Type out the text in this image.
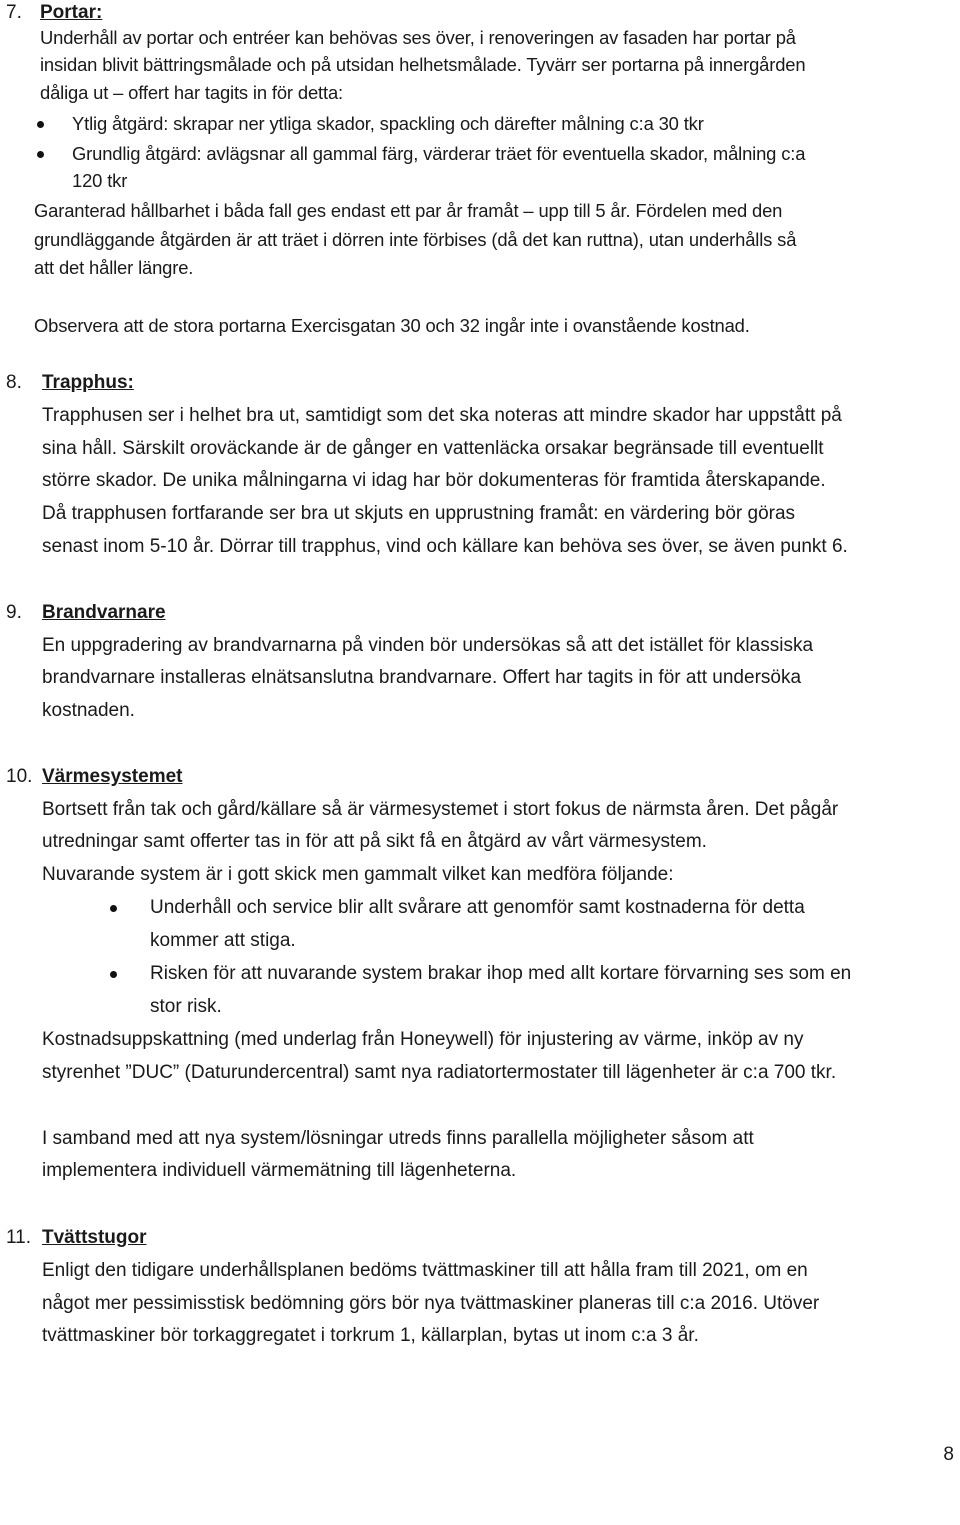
7. Portar:
Underhåll av portar och entréer kan behövas ses över, i renoveringen av fasaden har portar på
insidan blivit bättringsmålade och på utsidan helhetsmålade. Tyvärr ser portarna på innergården
dåliga ut – offert har tagits in för detta:
Ytlig åtgärd: skrapar ner ytliga skador, spackling och därefter målning c:a 30 tkr
Grundlig åtgärd: avlägsnar all gammal färg, värderar träet för eventuella skador, målning c:a
120 tkr
Garanterad hållbarhet i båda fall ges endast ett par år framåt – upp till 5 år. Fördelen med den
grundläggande åtgärden är att träet i dörren inte förbises (då det kan ruttna), utan underhålls så
att det håller längre.
Observera att de stora portarna Exercisgatan 30 och 32 ingår inte i ovanstående kostnad.
8. Trapphus:
Trapphusen ser i helhet bra ut, samtidigt som det ska noteras att mindre skador har uppstått på
sina håll. Särskilt oroväckande är de gånger en vattenläcka orsakar begränsade till eventuellt
större skador. De unika målningarna vi idag har bör dokumenteras för framtida återskapande.
Då trapphusen fortfarande ser bra ut skjuts en upprustning framåt: en värdering bör göras
senast inom 5-10 år. Dörrar till trapphus, vind och källare kan behöva ses över, se även punkt 6.
9. Brandvarnare
En uppgradering av brandvarnarna på vinden bör undersökas så att det istället för klassiska
brandvarnare installeras elnätsanslutna brandvarnare. Offert har tagits in för att undersöka
kostnaden.
10. Värmesystemet
Bortsett från tak och gård/källare så är värmesystemet i stort fokus de närmsta åren. Det pågår
utredningar samt offerter tas in för att på sikt få en åtgärd av vårt värmesystem.
Nuvarande system är i gott skick men gammalt vilket kan medföra följande:
Underhåll och service blir allt svårare att genomför samt kostnaderna för detta
kommer att stiga.
Risken för att nuvarande system brakar ihop med allt kortare förvarning ses som en
stor risk.
Kostnadsuppskattning (med underlag från Honeywell) för injustering av värme, inköp av ny
styrenhet ”DUC” (Daturundercentral) samt nya radiatortermostater till lägenheter är c:a 700 tkr.
I samband med att nya system/lösningar utreds finns parallella möjligheter såsom att
implementera individuell värmemätning till lägenheterna.
11. Tvättstugor
Enligt den tidigare underhållsplanen bedöms tvättmaskiner till att hålla fram till 2021, om en
något mer pessimisstisk bedömning görs bör nya tvättmaskiner planeras till c:a 2016. Utöver
tvättmaskiner bör torkaggregatet i torkrum 1, källarplan, bytas ut inom c:a 3 år.
8
